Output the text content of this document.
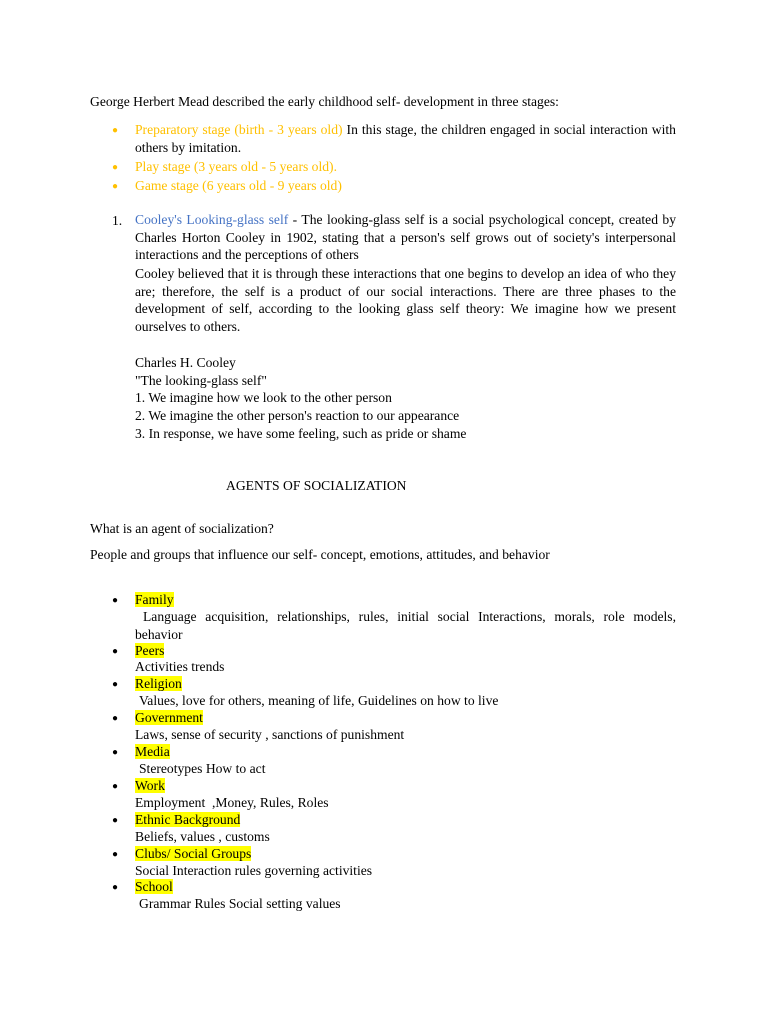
George Herbert Mead described the early childhood self- development in three stages:
● Preparatory stage (birth - 3 years old) In this stage, the children engaged in social interaction with others by imitation.
● Play stage (3 years old - 5 years old).
● Game stage (6 years old - 9 years old)
1. Cooley's Looking-glass self - The looking-glass self is a social psychological concept, created by Charles Horton Cooley in 1902, stating that a person's self grows out of society's interpersonal interactions and the perceptions of others
Cooley believed that it is through these interactions that one begins to develop an idea of who they are; therefore, the self is a product of our social interactions. There are three phases to the development of self, according to the looking glass self theory: We imagine how we present ourselves to others.
Charles H. Cooley
"The looking-glass self"
1. We imagine how we look to the other person
2. We imagine the other person's reaction to our appearance
3. In response, we have some feeling, such as pride or shame
AGENTS OF SOCIALIZATION
What is an agent of socialization?
People and groups that influence our self- concept, emotions, attitudes, and behavior
● Family
Language acquisition, relationships, rules, initial social Interactions, morals, role models, behavior
● Peers
Activities trends
● Religion
Values, love for others, meaning of life, Guidelines on how to live
● Government
Laws, sense of security , sanctions of punishment
● Media
Stereotypes How to act
● Work
Employment  ,Money, Rules, Roles
● Ethnic Background
Beliefs, values , customs
● Clubs/ Social Groups
Social Interaction rules governing activities
● School
Grammar Rules Social setting values
